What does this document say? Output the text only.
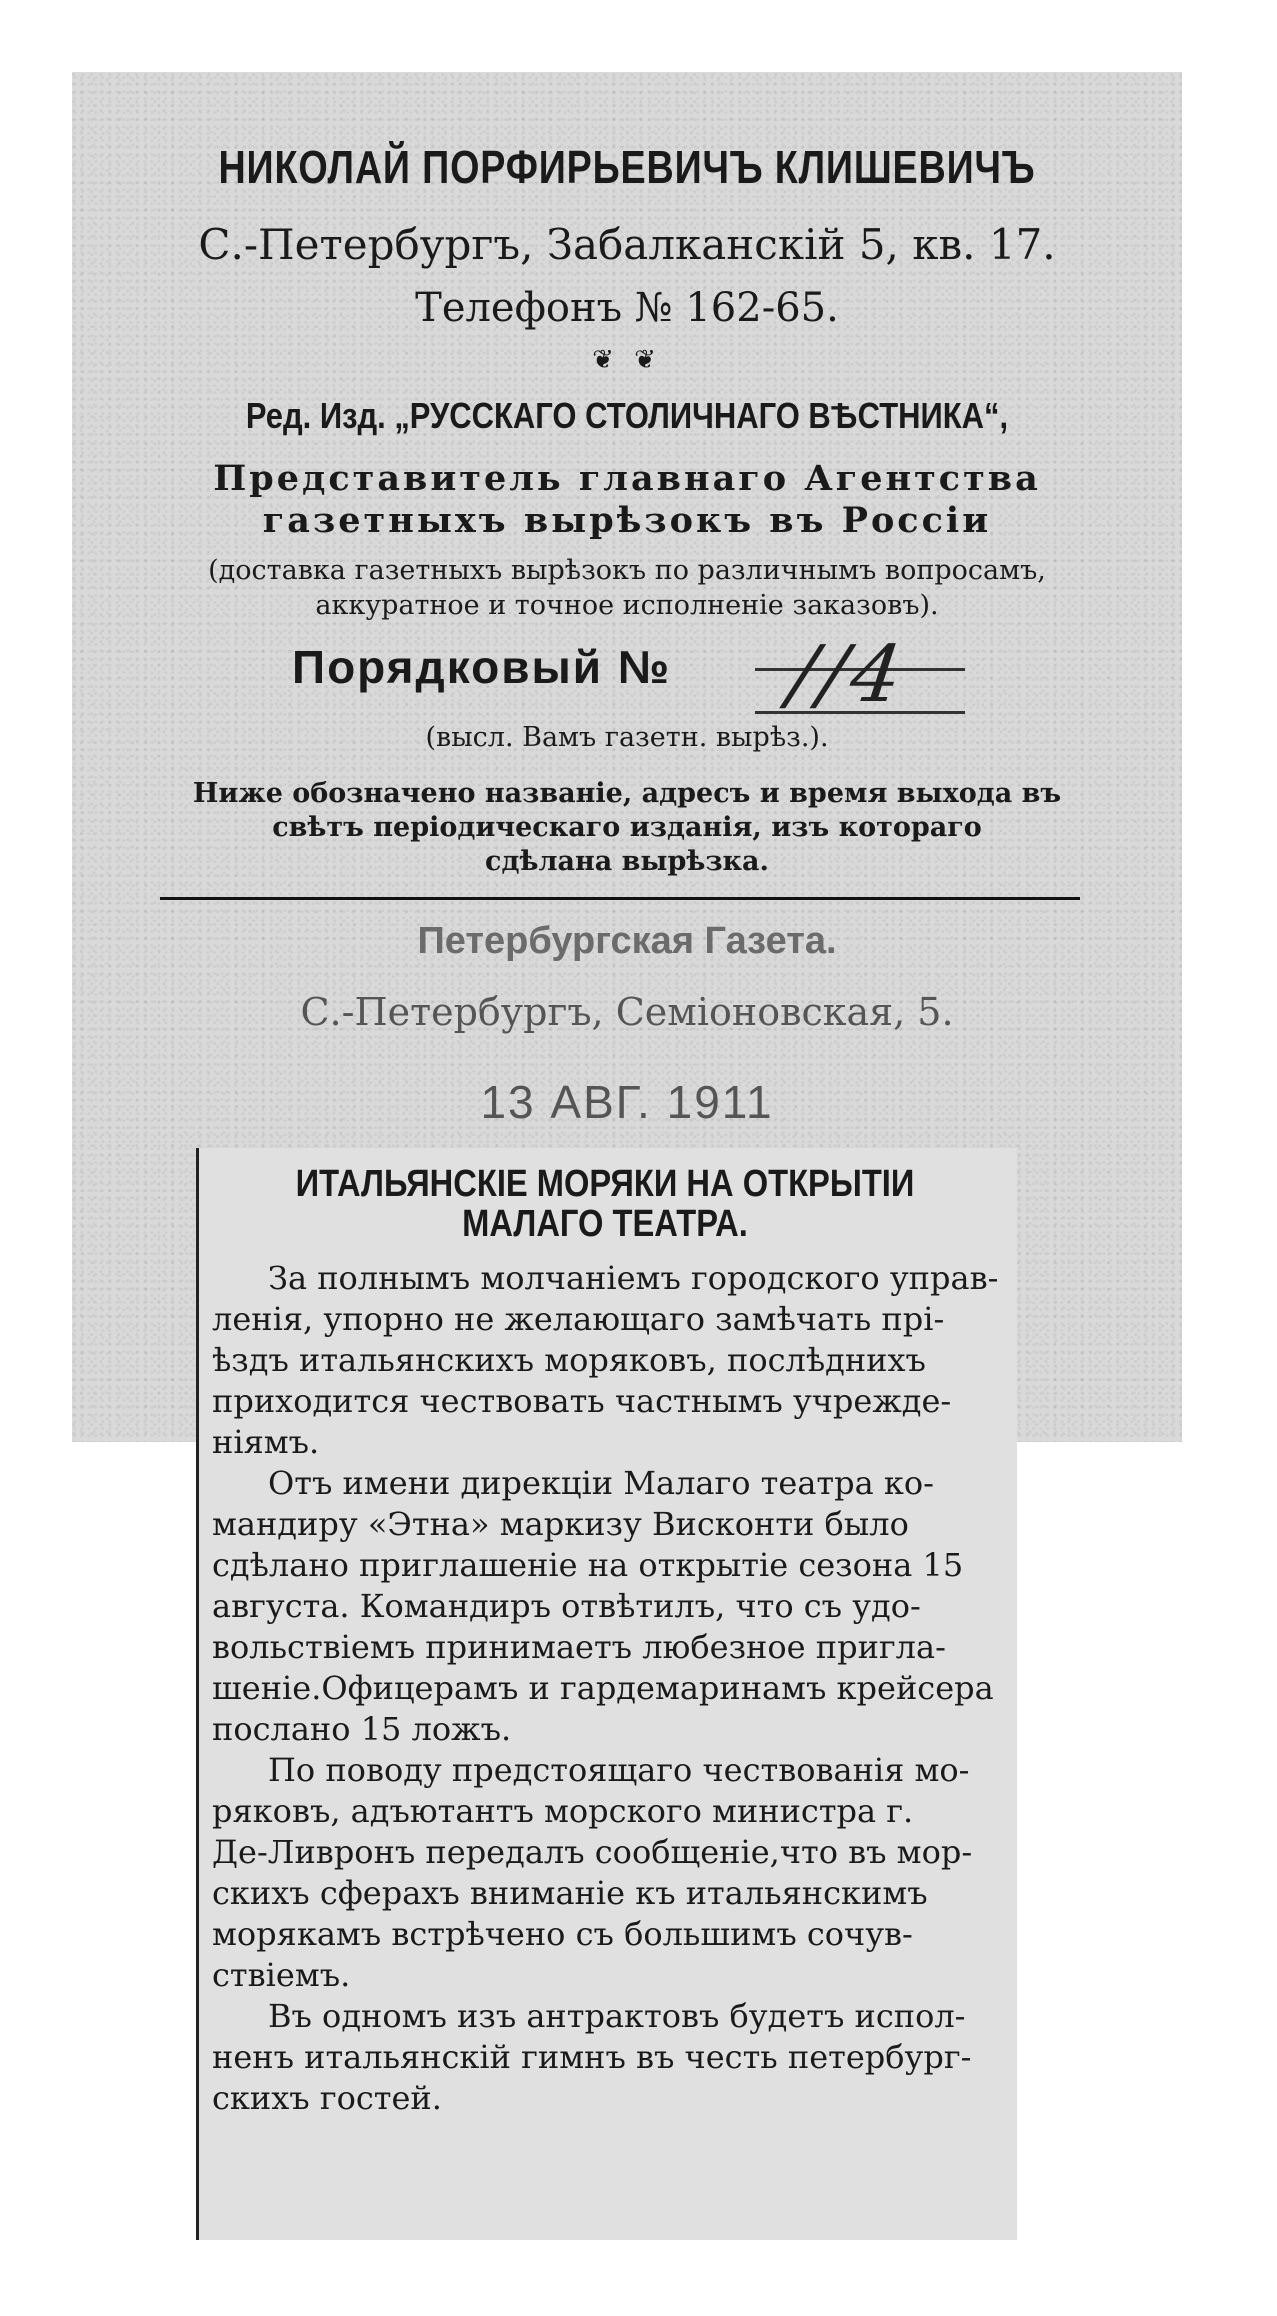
НИКОЛАЙ ПОРФИРЬЕВИЧЪ КЛИШЕВИЧЪ
С.-Петербургъ, Забалканскій 5, кв. 17.
Телефонъ № 162-65.
❦ ❦
Ред. Изд. „РУССКАГО СТОЛИЧНАГО ВѢСТНИКА“,
Представитель главнаго Агентства
газетныхъ вырѣзокъ въ Россіи
(доставка газетныхъ вырѣзокъ по различнымъ вопросамъ,
аккуратное и точное исполненіе заказовъ).
Порядковый №	//4
(высл. Вамъ газетн. вырѣз.).
Ниже обозначено названіе, адресъ и время выхода въ
свѣтъ періодическаго изданія, изъ котораго
сдѣлана вырѣзка.
Петербургская Газета.
С.-Петербургъ, Семіоновская, 5.
13 АВГ. 1911
ИТАЛЬЯНСКІЕ МОРЯКИ НА ОТКРЫТІИ
МАЛАГО ТЕАТРА.
За полнымъ молчаніемъ городского управ-
ленія, упорно не желающаго замѣчать прі-
ѣздъ итальянскихъ моряковъ, послѣднихъ
приходится чествовать частнымъ учрежде-
ніямъ.
Отъ имени дирекціи Малаго театра ко-
мандиру «Этна» маркизу Висконти было
сдѣлано приглашеніе на открытіе сезона 15
августа. Командиръ отвѣтилъ, что съ удо-
вольствіемъ принимаетъ любезное пригла-
шеніе.Офицерамъ и гардемаринамъ крейсера
послано 15 ложъ.
По поводу предстоящаго чествованія мо-
ряковъ, адъютантъ морского министра г.
Де-Ливронъ передалъ сообщеніе,что въ мор-
скихъ сферахъ вниманіе къ итальянскимъ
морякамъ встрѣчено съ большимъ сочув-
ствіемъ.
Въ одномъ изъ антрактовъ будетъ испол-
ненъ итальянскій гимнъ въ честь петербург-
скихъ гостей.
